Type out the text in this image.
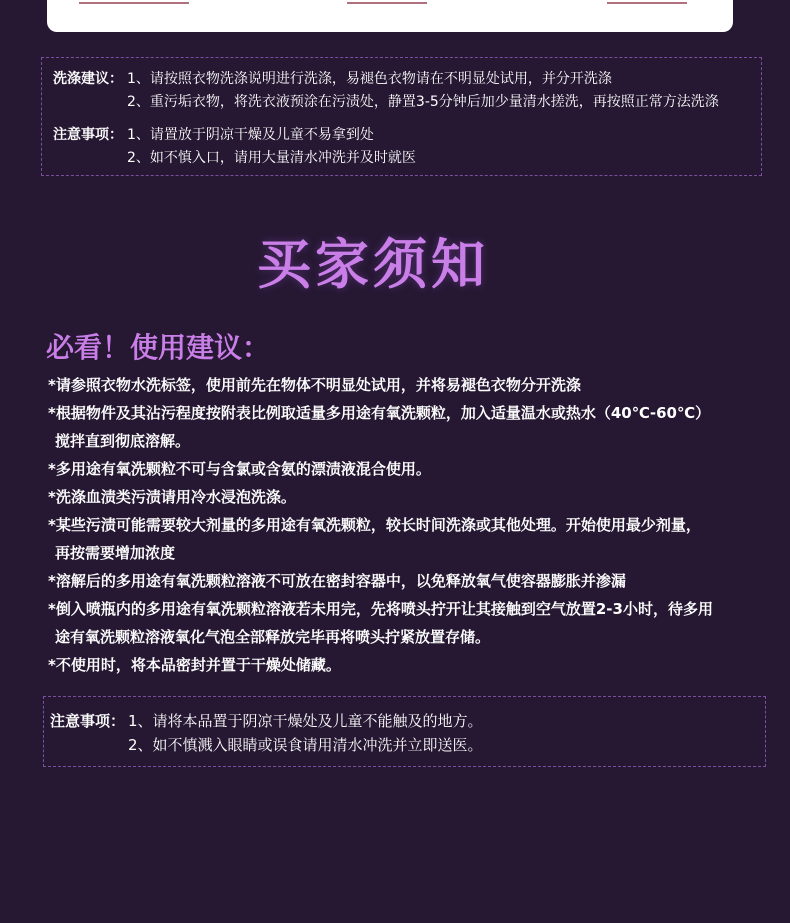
洗涤建议： 1、请按照衣物洗涤说明进行洗涤，易褪色衣物请在不明显处试用，并分开洗涤
2、重污垢衣物，将洗衣液预涂在污渍处，静置3-5分钟后加少量清水搓洗，再按照正常方法洗涤
注意事项： 1、请置放于阴凉干燥及儿童不易拿到处
2、如不慎入口，请用大量清水冲洗并及时就医
买家须知
必看！使用建议：
*请参照衣物水洗标签，使用前先在物体不明显处试用，并将易褪色衣物分开洗涤
*根据物件及其沾污程度按附表比例取适量多用途有氧洗颗粒，加入适量温水或热水（40℃-60℃）
搅拌直到彻底溶解。
*多用途有氧洗颗粒不可与含氯或含氨的漂渍液混合使用。
*洗涤血渍类污渍请用冷水浸泡洗涤。
*某些污渍可能需要较大剂量的多用途有氧洗颗粒，较长时间洗涤或其他处理。开始使用最少剂量，
再按需要增加浓度
*溶解后的多用途有氧洗颗粒溶液不可放在密封容器中，以免释放氧气使容器膨胀并渗漏
*倒入喷瓶内的多用途有氧洗颗粒溶液若未用完，先将喷头拧开让其接触到空气放置2-3小时，待多用
途有氧洗颗粒溶液氧化气泡全部释放完毕再将喷头拧紧放置存储。
*不使用时，将本品密封并置于干燥处储藏。
注意事项： 1、请将本品置于阴凉干燥处及儿童不能触及的地方。
2、如不慎溅入眼睛或误食请用清水冲洗并立即送医。
